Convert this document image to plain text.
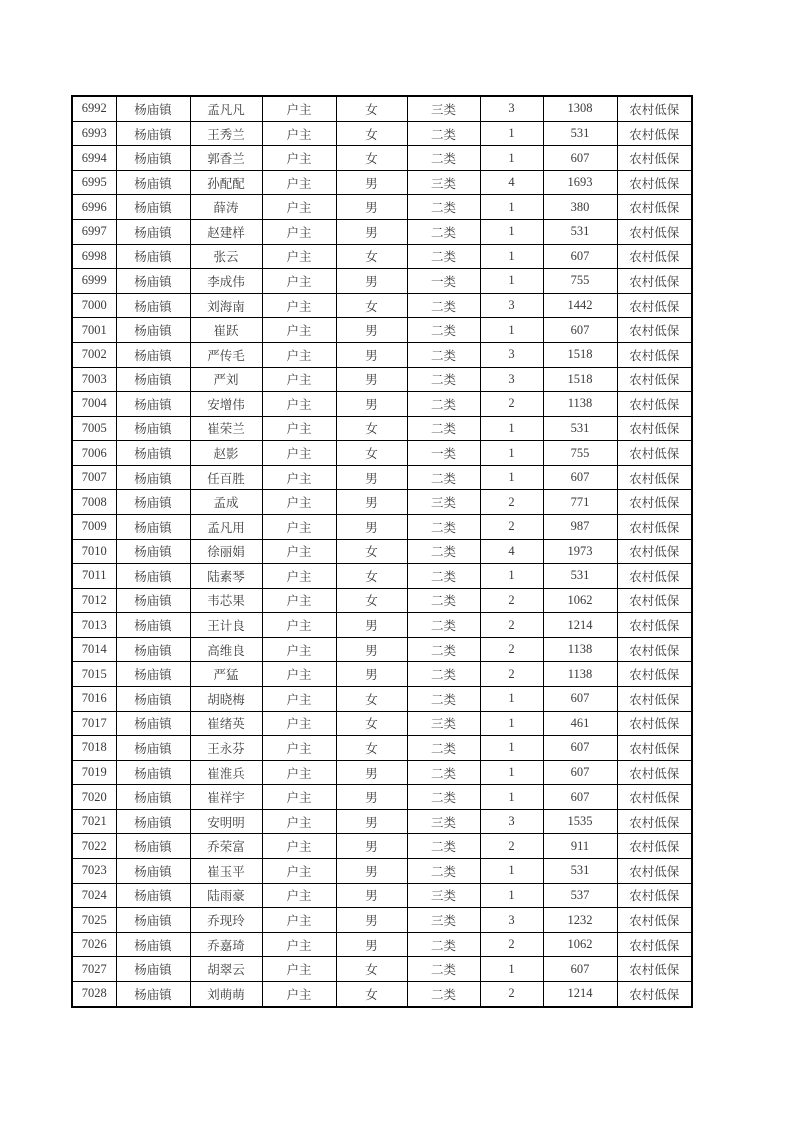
6992	杨庙镇	孟凡凡	户主	女	三类	3	1308	农村低保
6993	杨庙镇	王秀兰	户主	女	二类	1	531	农村低保
6994	杨庙镇	郭香兰	户主	女	二类	1	607	农村低保
6995	杨庙镇	孙配配	户主	男	三类	4	1693	农村低保
6996	杨庙镇	薛涛	户主	男	二类	1	380	农村低保
6997	杨庙镇	赵建样	户主	男	二类	1	531	农村低保
6998	杨庙镇	张云	户主	女	二类	1	607	农村低保
6999	杨庙镇	李成伟	户主	男	一类	1	755	农村低保
7000	杨庙镇	刘海南	户主	女	二类	3	1442	农村低保
7001	杨庙镇	崔跃	户主	男	二类	1	607	农村低保
7002	杨庙镇	严传毛	户主	男	二类	3	1518	农村低保
7003	杨庙镇	严刘	户主	男	二类	3	1518	农村低保
7004	杨庙镇	安增伟	户主	男	二类	2	1138	农村低保
7005	杨庙镇	崔荣兰	户主	女	二类	1	531	农村低保
7006	杨庙镇	赵影	户主	女	一类	1	755	农村低保
7007	杨庙镇	任百胜	户主	男	二类	1	607	农村低保
7008	杨庙镇	孟成	户主	男	三类	2	771	农村低保
7009	杨庙镇	孟凡用	户主	男	二类	2	987	农村低保
7010	杨庙镇	徐丽娟	户主	女	二类	4	1973	农村低保
7011	杨庙镇	陆素琴	户主	女	二类	1	531	农村低保
7012	杨庙镇	韦芯果	户主	女	二类	2	1062	农村低保
7013	杨庙镇	王计良	户主	男	二类	2	1214	农村低保
7014	杨庙镇	高维良	户主	男	二类	2	1138	农村低保
7015	杨庙镇	严猛	户主	男	二类	2	1138	农村低保
7016	杨庙镇	胡晓梅	户主	女	二类	1	607	农村低保
7017	杨庙镇	崔绪英	户主	女	三类	1	461	农村低保
7018	杨庙镇	王永芬	户主	女	二类	1	607	农村低保
7019	杨庙镇	崔淮兵	户主	男	二类	1	607	农村低保
7020	杨庙镇	崔祥宇	户主	男	二类	1	607	农村低保
7021	杨庙镇	安明明	户主	男	三类	3	1535	农村低保
7022	杨庙镇	乔荣富	户主	男	二类	2	911	农村低保
7023	杨庙镇	崔玉平	户主	男	二类	1	531	农村低保
7024	杨庙镇	陆雨豪	户主	男	三类	1	537	农村低保
7025	杨庙镇	乔现玲	户主	男	三类	3	1232	农村低保
7026	杨庙镇	乔嘉琦	户主	男	二类	2	1062	农村低保
7027	杨庙镇	胡翠云	户主	女	二类	1	607	农村低保
7028	杨庙镇	刘萌萌	户主	女	二类	2	1214	农村低保
